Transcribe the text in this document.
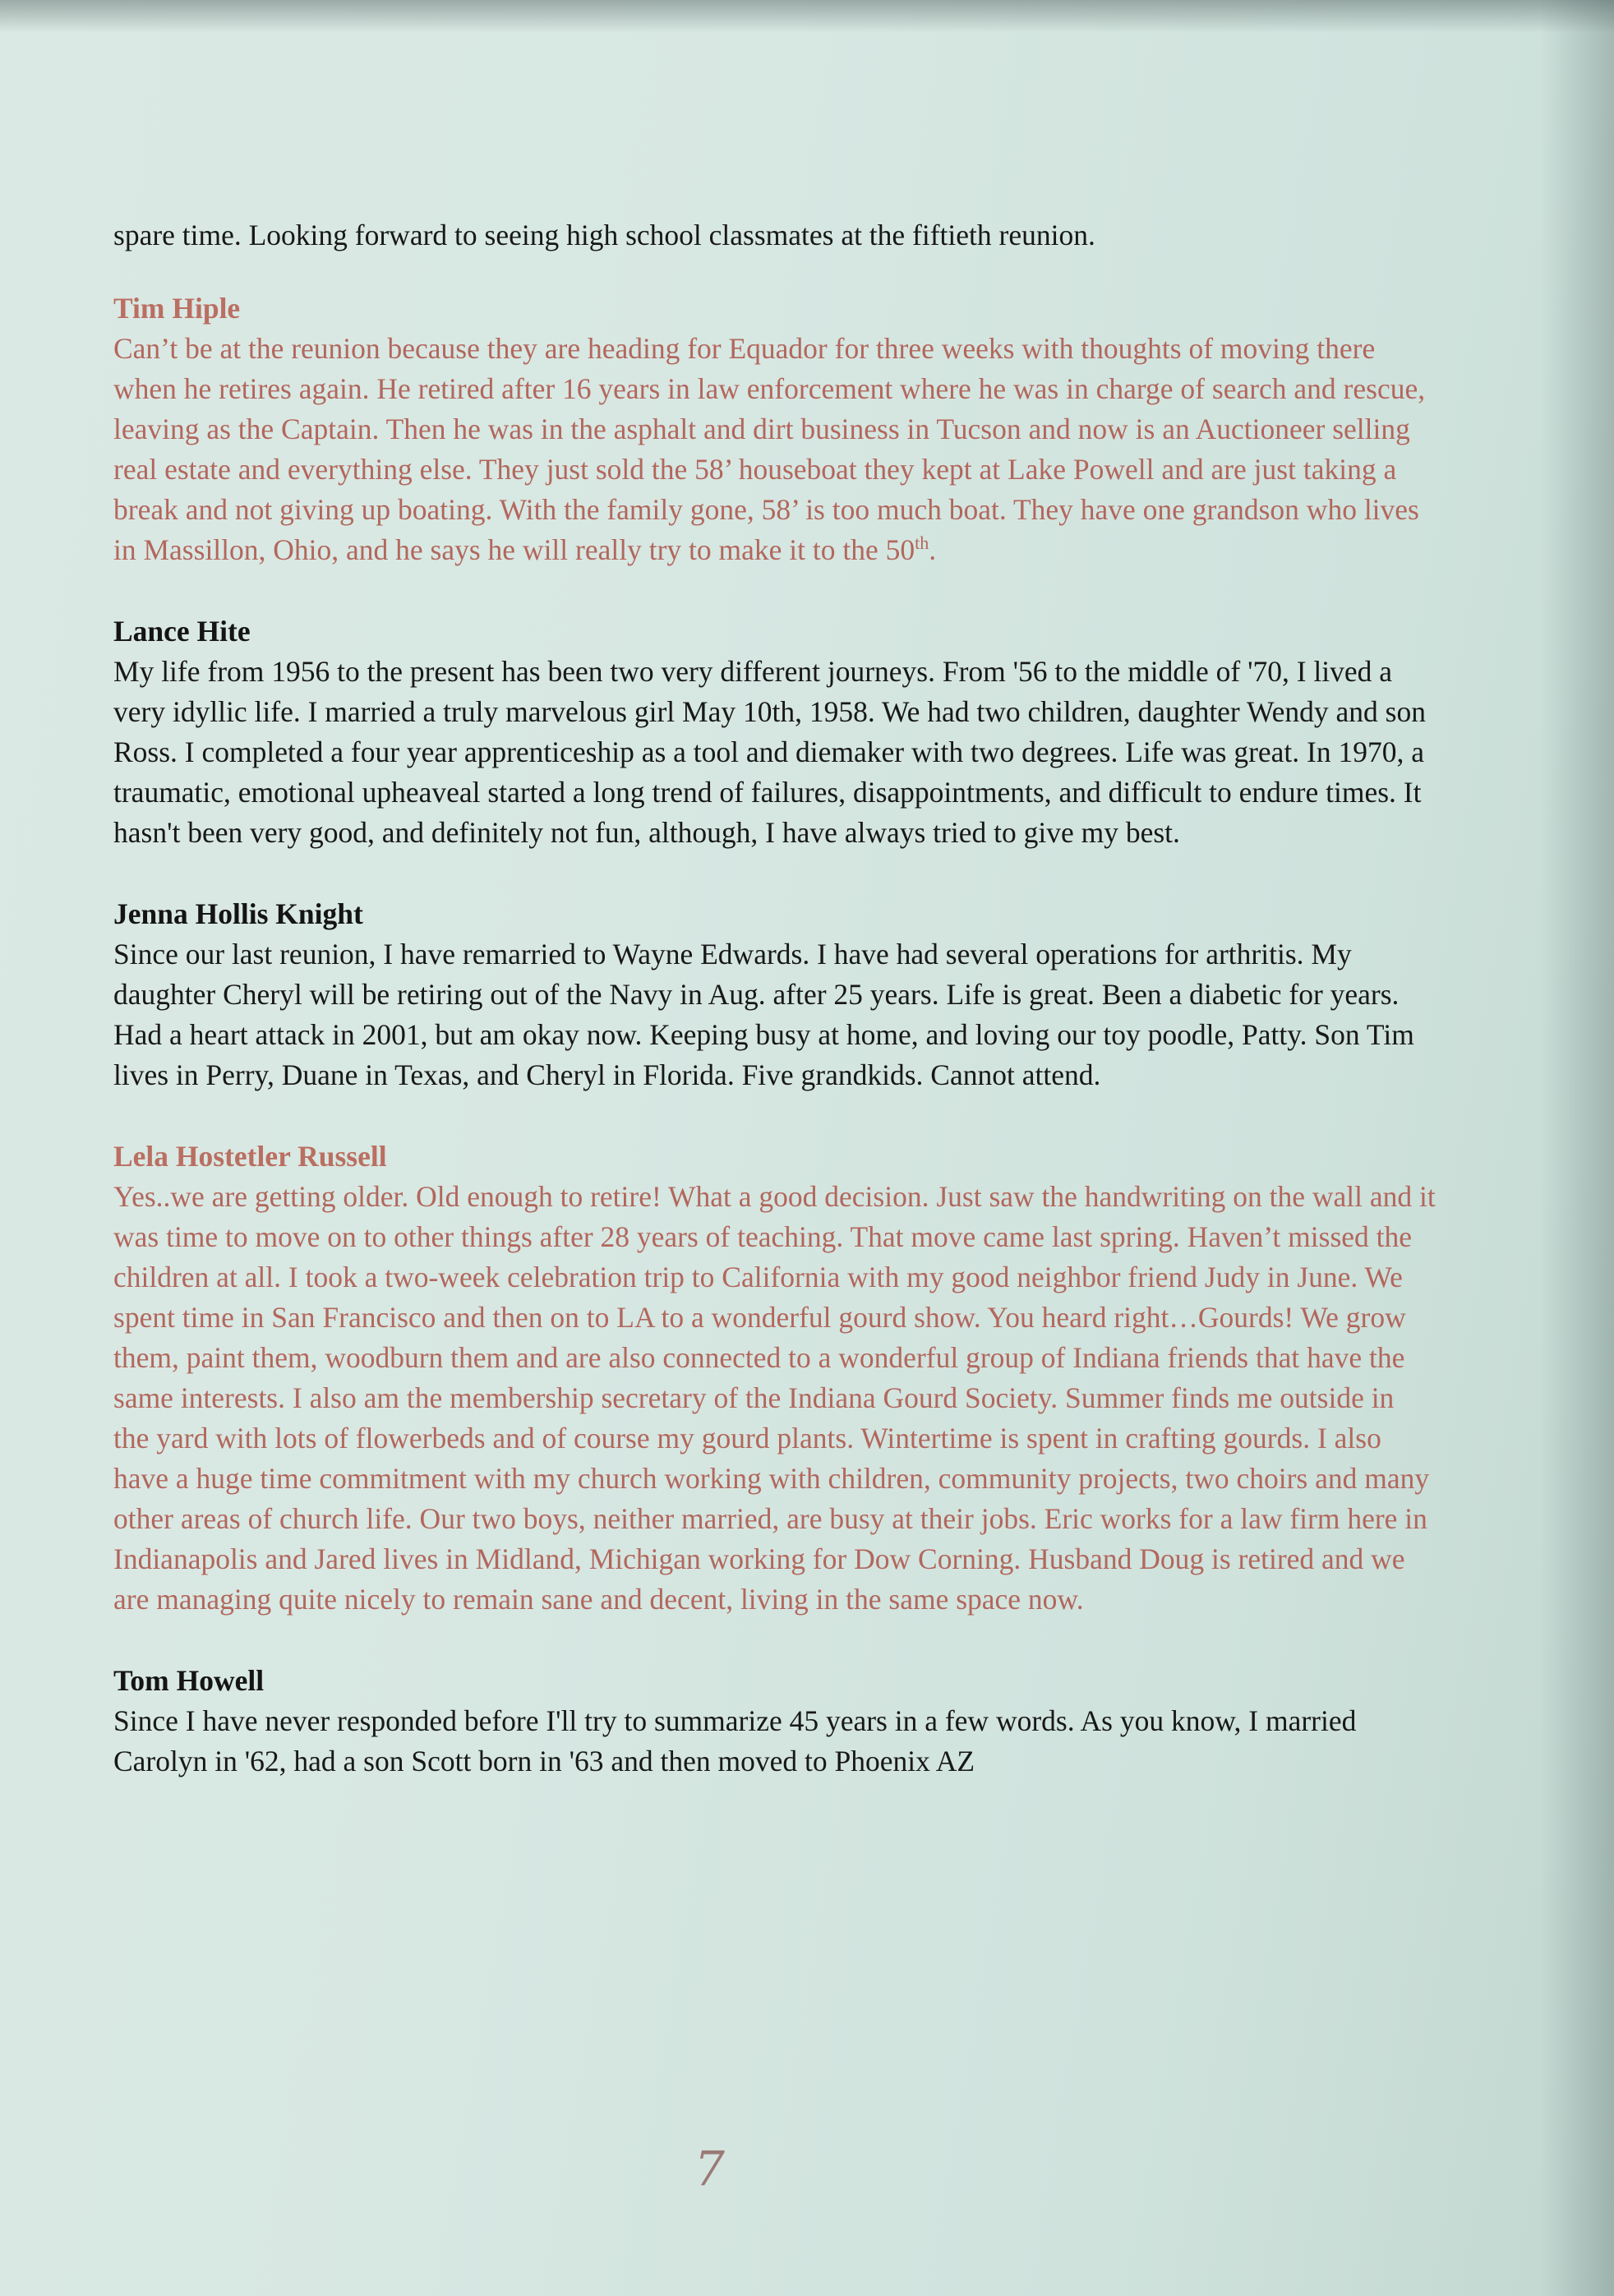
spare time. Looking forward to seeing high school classmates at the fiftieth reunion.

Tim Hiple

Can’t be at the reunion because they are heading for Equador for three weeks with thoughts of moving there when he retires again. He retired after 16 years in law enforcement where he was in charge of search and rescue, leaving as the Captain. Then he was in the asphalt and dirt business in Tucson and now is an Auctioneer selling real estate and everything else. They just sold the 58’ houseboat they kept at Lake Powell and are just taking a break and not giving up boating. With the family gone, 58’ is too much boat. They have one grandson who lives in Massillon, Ohio, and he says he will really try to make it to the 50th.

Lance Hite

My life from 1956 to the present has been two very different journeys. From '56 to the middle of '70, I lived a very idyllic life. I married a truly marvelous girl May 10th, 1958. We had two children, daughter Wendy and son Ross. I completed a four year apprenticeship as a tool and diemaker with two degrees. Life was great. In 1970, a traumatic, emotional upheaveal started a long trend of failures, disappointments, and difficult to endure times. It hasn't been very good, and definitely not fun, although, I have always tried to give my best.

Jenna Hollis Knight

Since our last reunion, I have remarried to Wayne Edwards. I have had several operations for arthritis. My daughter Cheryl will be retiring out of the Navy in Aug. after 25 years. Life is great. Been a diabetic for years. Had a heart attack in 2001, but am okay now. Keeping busy at home, and loving our toy poodle, Patty. Son Tim lives in Perry, Duane in Texas, and Cheryl in Florida. Five grandkids. Cannot attend.

Lela Hostetler Russell

Yes..we are getting older. Old enough to retire! What a good decision. Just saw the handwriting on the wall and it was time to move on to other things after 28 years of teaching. That move came last spring. Haven’t missed the children at all. I took a two-week celebration trip to California with my good neighbor friend Judy in June. We spent time in San Francisco and then on to LA to a wonderful gourd show. You heard right…Gourds! We grow them, paint them, woodburn them and are also connected to a wonderful group of Indiana friends that have the same interests. I also am the membership secretary of the Indiana Gourd Society. Summer finds me outside in the yard with lots of flowerbeds and of course my gourd plants. Wintertime is spent in crafting gourds. I also have a huge time commitment with my church working with children, community projects, two choirs and many other areas of church life. Our two boys, neither married, are busy at their jobs. Eric works for a law firm here in Indianapolis and Jared lives in Midland, Michigan working for Dow Corning. Husband Doug is retired and we are managing quite nicely to remain sane and decent, living in the same space now.

Tom Howell

Since I have never responded before I'll try to summarize 45 years in a few words. As you know, I married Carolyn in '62, had a son Scott born in '63 and then moved to Phoenix AZ

7
